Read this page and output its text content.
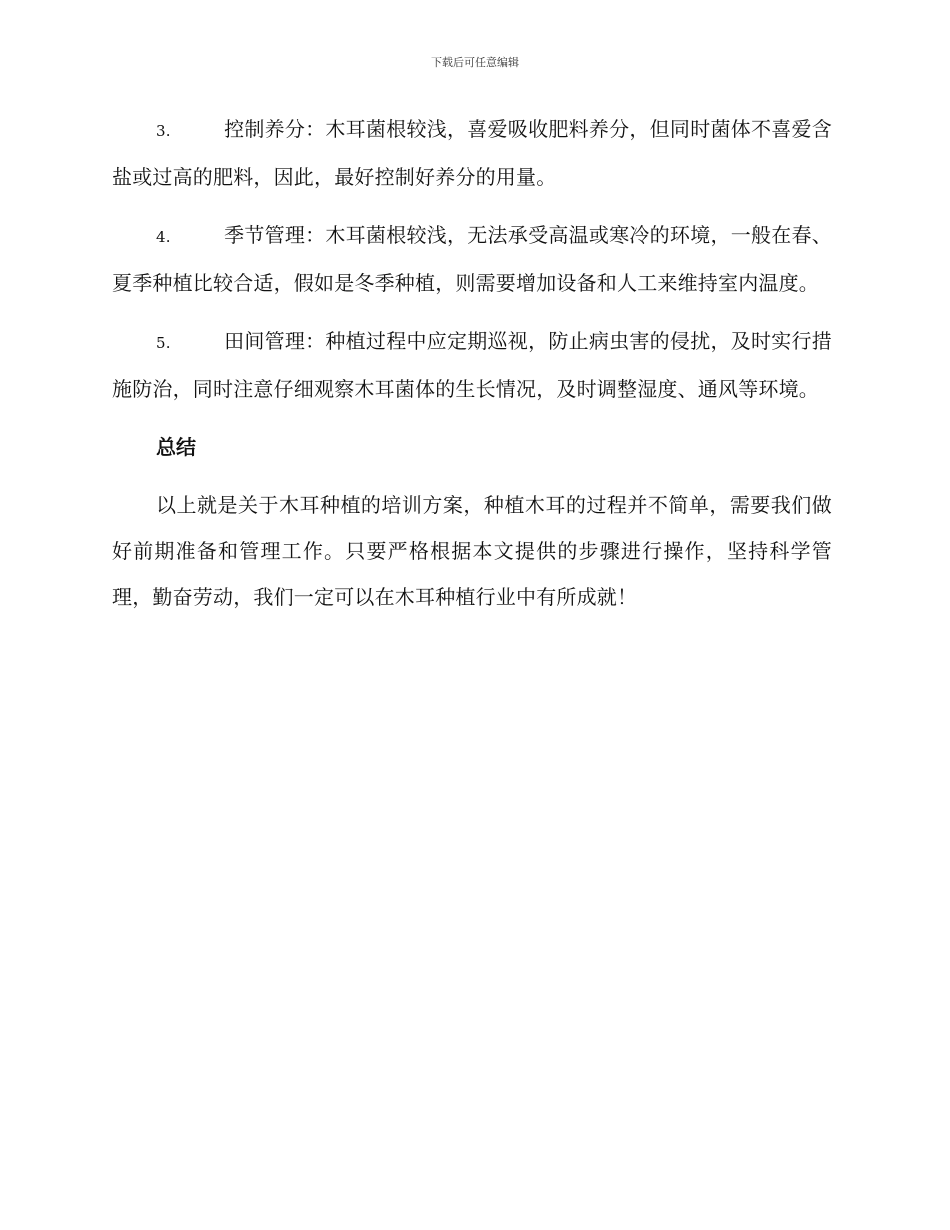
下载后可任意编辑

3.	控制养分：木耳菌根较浅，喜爱吸收肥料养分，但同时菌体不喜爱含盐或过高的肥料，因此，最好控制好养分的用量。

4.	季节管理：木耳菌根较浅，无法承受高温或寒冷的环境，一般在春、夏季种植比较合适，假如是冬季种植，则需要增加设备和人工来维持室内温度。

5.	田间管理：种植过程中应定期巡视，防止病虫害的侵扰，及时实行措施防治，同时注意仔细观察木耳菌体的生长情况，及时调整湿度、通风等环境。

总结

以上就是关于木耳种植的培训方案，种植木耳的过程并不简单，需要我们做好前期准备和管理工作。只要严格根据本文提供的步骤进行操作，坚持科学管理，勤奋劳动，我们一定可以在木耳种植行业中有所成就！
